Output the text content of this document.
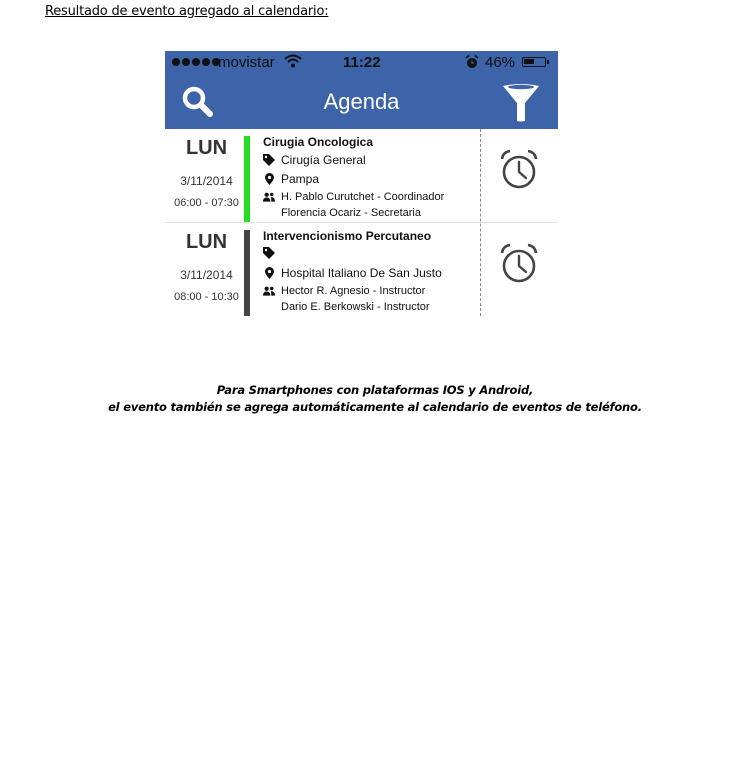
Resultado de evento agregado al calendario:
movistar	11:22	46%
Agenda
LUN
3/11/2014
06:00 - 07:30
Cirugia Oncologica
Cirugía General
Pampa
H. Pablo Curutchet - Coordinador
Florencia Ocariz - Secretaria
LUN
3/11/2014
08:00 - 10:30
Intervencionismo Percutaneo
Hospital Italiano De San Justo
Hector R. Agnesio - Instructor
Dario E. Berkowski - Instructor
Para Smartphones con plataformas IOS y Android,
el evento también se agrega automáticamente al calendario de eventos de teléfono.
